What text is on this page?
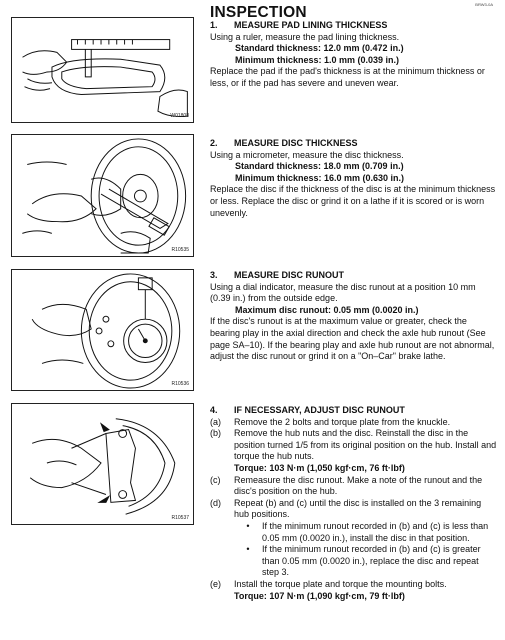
BRW3-0A
INSPECTION
W01808
R10535
R10536
R10537
1.	MEASURE PAD LINING THICKNESS

Using a ruler, measure the pad lining thickness.

Standard thickness: 12.0 mm (0.472 in.)
Minimum thickness: 1.0 mm (0.039 in.)

Replace the pad if the pad's thickness is at the minimum thickness or less, or if the pad has severe and uneven wear.

2.	MEASURE DISC THICKNESS

Using a micrometer, measure the disc thickness.

Standard thickness: 18.0 mm (0.709 in.)
Minimum thickness: 16.0 mm (0.630 in.)

Replace the disc if the thickness of the disc is at the minimum thickness or less. Replace the disc or grind it on a lathe if it is scored or is worn unevenly.

3.	MEASURE DISC RUNOUT

Using a dial indicator, measure the disc runout at a position 10 mm (0.39 in.) from the outside edge.

Maximum disc runout: 0.05 mm (0.0020 in.)

If the disc's runout is at the maximum value or greater, check the bearing play in the axial direction and check the axle hub runout (See page SA–10). If the bearing play and axle hub runout are not abnormal, adjust the disc runout or grind it on a "On–Car" brake lathe.

4.	IF NECESSARY, ADJUST DISC RUNOUT
(a)	Remove the 2 bolts and torque plate from the knuckle.
(b)	Remove the hub nuts and the disc. Reinstall the disc in the position turned 1/5 from its original position on the hub. Install and torque the hub nuts.
Torque: 103 N·m (1,050 kgf·cm, 76 ft·lbf)
(c)	Remeasure the disc runout. Make a note of the runout and the disc's position on the hub.
(d)	Repeat (b) and (c) until the disc is installed on the 3 remaining hub positions.
•	If the minimum runout recorded in (b) and (c) is less than 0.05 mm (0.0020 in.), install the disc in that position.
•	If the minimum runout recorded in (b) and (c) is greater than 0.05 mm (0.0020 in.), replace the disc and repeat step 3.
(e)	Install the torque plate and torque the mounting bolts.
Torque: 107 N·m (1,090 kgf·cm, 79 ft·lbf)
